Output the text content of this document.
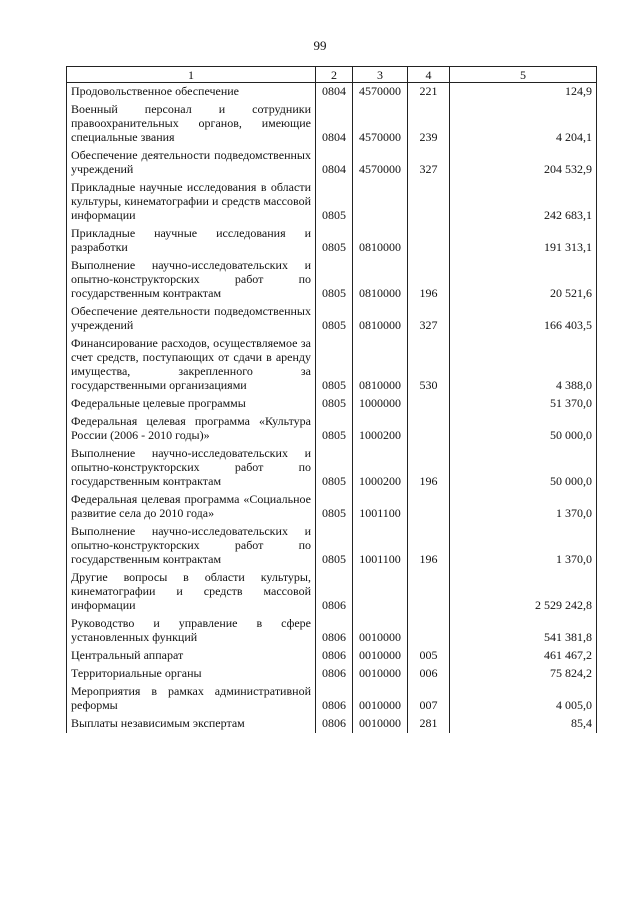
99
1	2	3	4	5
Продовольственное обеспечение	0804	4570000	221	124,9
Военный персонал и сотрудники правоохранительных органов, имеющие специальные звания	0804	4570000	239	4 204,1
Обеспечение деятельности подведомственных учреждений	0804	4570000	327	204 532,9
Прикладные научные исследования в области культуры, кинематографии и средств массовой информации	0805			242 683,1
Прикладные научные исследования и разработки	0805	0810000		191 313,1
Выполнение научно-исследовательских и опытно-конструкторских работ по государственным контрактам	0805	0810000	196	20 521,6
Обеспечение деятельности подведомственных учреждений	0805	0810000	327	166 403,5
Финансирование расходов, осуществляемое за счет средств, поступающих от сдачи в аренду имущества, закрепленного за государственными организациями	0805	0810000	530	4 388,0
Федеральные целевые программы	0805	1000000		51 370,0
Федеральная целевая программа «Культура России (2006 - 2010 годы)»	0805	1000200		50 000,0
Выполнение научно-исследовательских и опытно-конструкторских работ по государственным контрактам	0805	1000200	196	50 000,0
Федеральная целевая программа «Социальное развитие села до 2010 года»	0805	1001100		1 370,0
Выполнение научно-исследовательских и опытно-конструкторских работ по государственным контрактам	0805	1001100	196	1 370,0
Другие вопросы в области культуры, кинематографии и средств массовой информации	0806			2 529 242,8
Руководство и управление в сфере установленных функций	0806	0010000		541 381,8
Центральный аппарат	0806	0010000	005	461 467,2
Территориальные органы	0806	0010000	006	75 824,2
Мероприятия в рамках административной реформы	0806	0010000	007	4 005,0
Выплаты независимым экспертам	0806	0010000	281	85,4
